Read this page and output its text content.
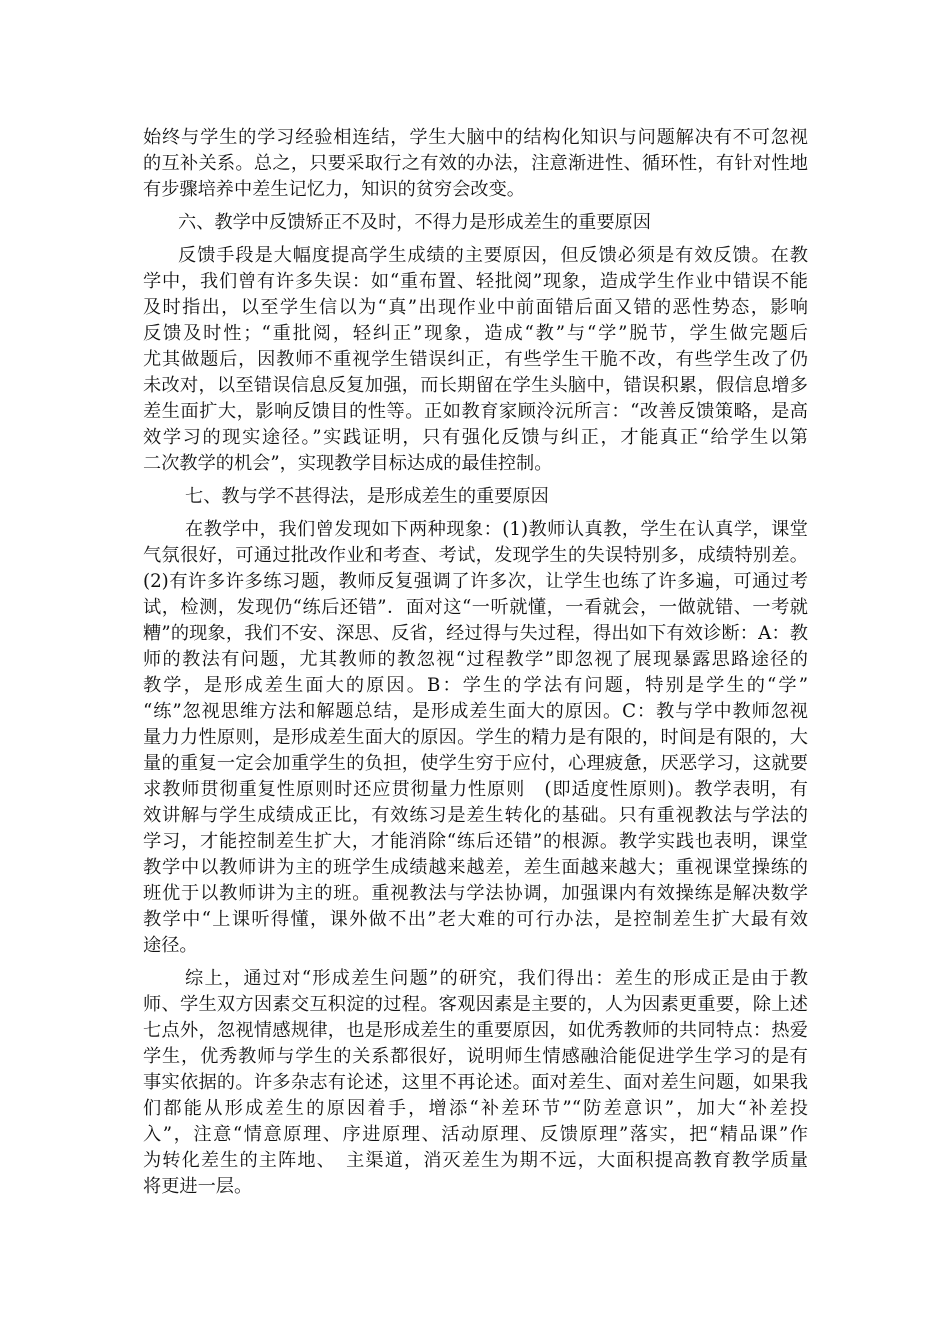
始终与学生的学习经验相连结，学生大脑中的结构化知识与问题解决有不可忽视
的互补关系。总之，只要采取行之有效的办法，注意渐进性、循环性，有针对性地
有步骤培养中差生记忆力，知识的贫穷会改变。
六、教学中反馈矫正不及时，不得力是形成差生的重要原因
反馈手段是大幅度提高学生成绩的主要原因，但反馈必须是有效反馈。在教
学中，我们曾有许多失误：如“重布置、轻批阅”现象，造成学生作业中错误不能
及时指出，以至学生信以为“真”出现作业中前面错后面又错的恶性势态，影响
反馈及时性；“重批阅，轻纠正”现象，造成“教”与“学”脱节，学生做完题后
尤其做题后，因教师不重视学生错误纠正，有些学生干脆不改，有些学生改了仍
未改对，以至错误信息反复加强，而长期留在学生头脑中，错误积累，假信息增多
差生面扩大，影响反馈目的性等。正如教育家顾泠沅所言：“改善反馈策略，是高
效学习的现实途径。”实践证明，只有强化反馈与纠正，才能真正“给学生以第
二次教学的机会”，实现教学目标达成的最佳控制。
七、教与学不甚得法，是形成差生的重要原因
在教学中，我们曾发现如下两种现象：(1)教师认真教，学生在认真学，课堂
气氛很好，可通过批改作业和考查、考试，发现学生的失误特别多，成绩特别差。
(2)有许多许多练习题，教师反复强调了许多次，让学生也练了许多遍，可通过考
试，检测，发现仍“练后还错”．面对这“一听就懂，一看就会，一做就错、一考就
糟”的现象，我们不安、深思、反省，经过得与失过程，得出如下有效诊断：A：教
师的教法有问题，尤其教师的教忽视“过程教学”即忽视了展现暴露思路途径的
教学，是形成差生面大的原因。B：学生的学法有问题，特别是学生的“学”
“练”忽视思维方法和解题总结，是形成差生面大的原因。C：教与学中教师忽视
量力力性原则，是形成差生面大的原因。学生的精力是有限的，时间是有限的，大
量的重复一定会加重学生的负担，使学生穷于应付，心理疲惫，厌恶学习，这就要
求教师贯彻重复性原则时还应贯彻量力性原则　(即适度性原则)。教学表明，有
效讲解与学生成绩成正比，有效练习是差生转化的基础。只有重视教法与学法的
学习，才能控制差生扩大，才能消除“练后还错”的根源。教学实践也表明，课堂
教学中以教师讲为主的班学生成绩越来越差，差生面越来越大；重视课堂操练的
班优于以教师讲为主的班。重视教法与学法协调，加强课内有效操练是解决数学
教学中“上课听得懂，课外做不出”老大难的可行办法，是控制差生扩大最有效
途径。
综上，通过对“形成差生问题”的研究，我们得出：差生的形成正是由于教
师、学生双方因素交互积淀的过程。客观因素是主要的，人为因素更重要，除上述
七点外，忽视情感规律，也是形成差生的重要原因，如优秀教师的共同特点：热爱
学生，优秀教师与学生的关系都很好，说明师生情感融洽能促进学生学习的是有
事实依据的。许多杂志有论述，这里不再论述。面对差生、面对差生问题，如果我
们都能从形成差生的原因着手，增添“补差环节”“防差意识”，加大“补差投
入”，注意“情意原理、序进原理、活动原理、反馈原理”落实，把“精品课”作
为转化差生的主阵地、　主渠道，消灭差生为期不远，大面积提高教育教学质量
将更进一层。
